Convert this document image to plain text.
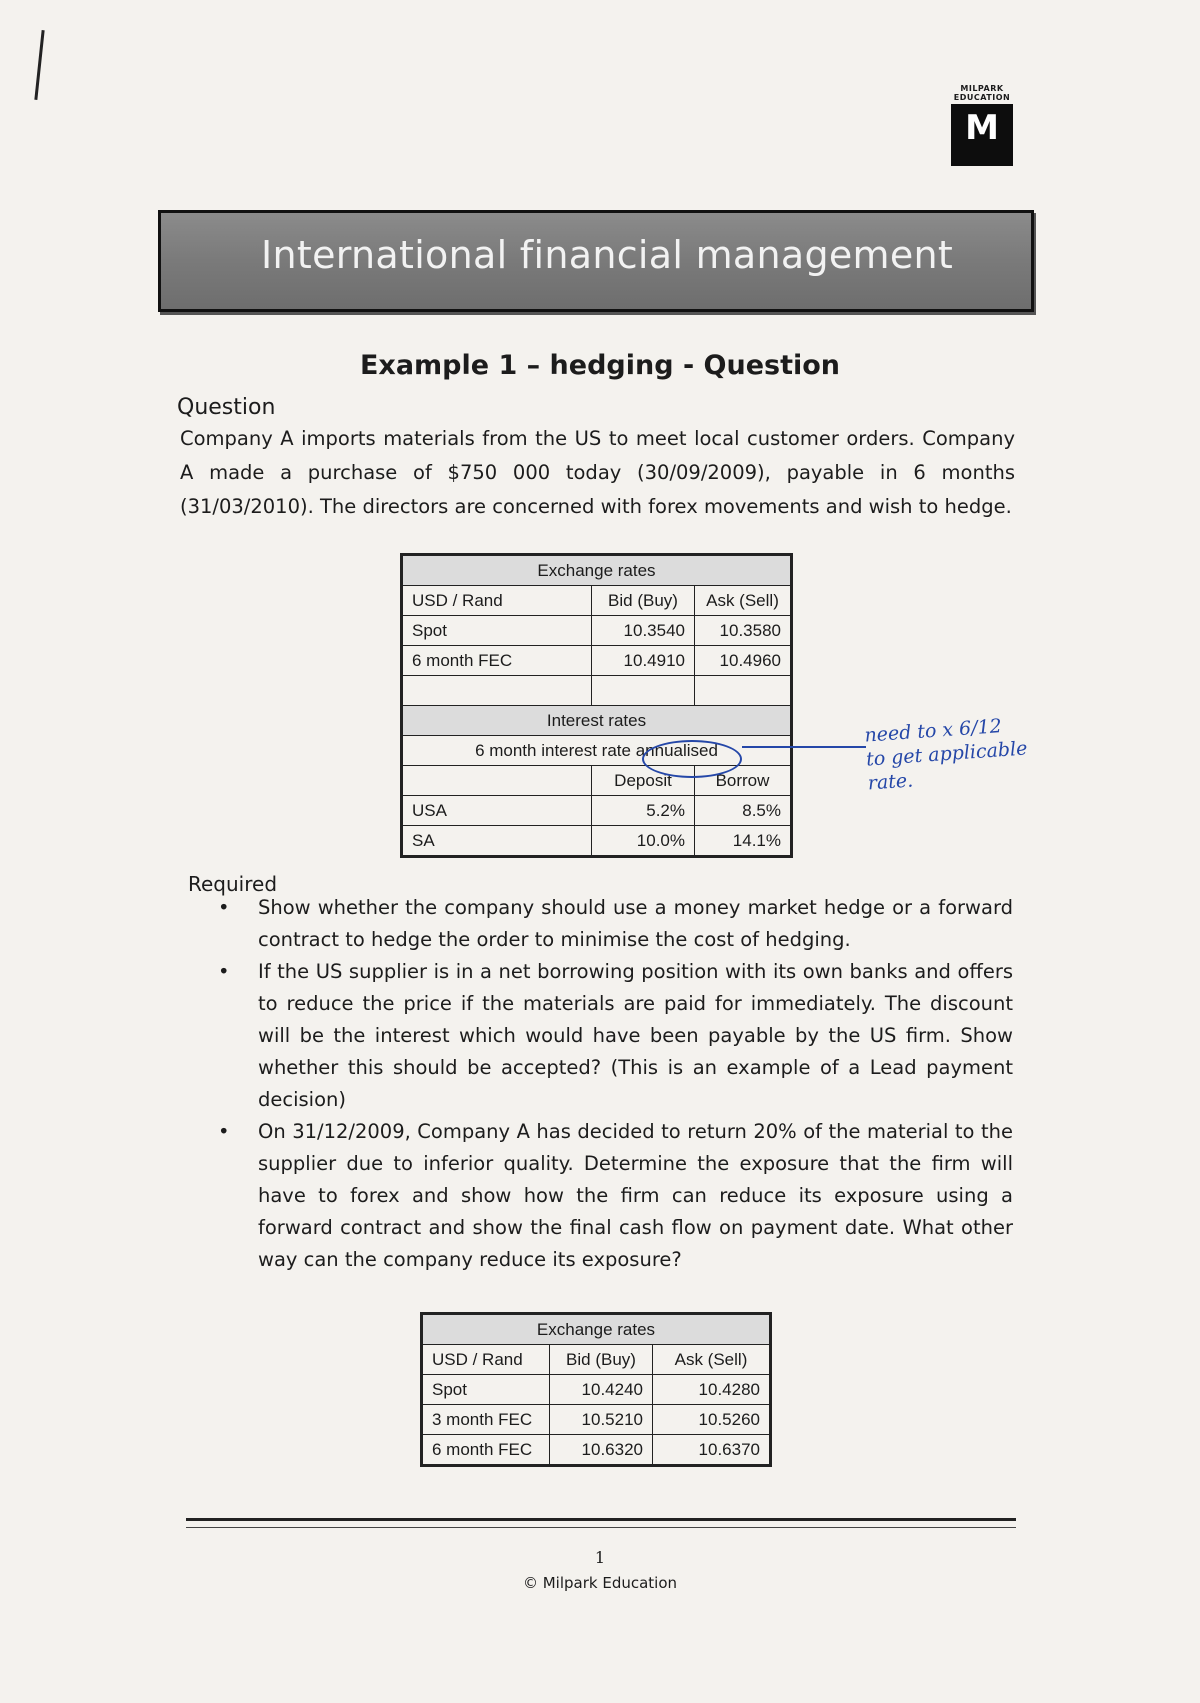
MILPARK
EDUCATION
M
International financial management
Example 1 – hedging - Question
Question
Company A imports materials from the US to meet local customer orders. Company A made a purchase of $750 000 today (30/09/2009), payable in 6 months (31/03/2010). The directors are concerned with forex movements and wish to hedge.
Exchange rates		
USD / Rand	Bid (Buy)	Ask (Sell)
Spot	10.3540	10.3580
6 month FEC	10.4910	10.4960

Interest rates		
6 month interest rate annualised		
	Deposit	Borrow
USA	5.2%	8.5%
SA	10.0%	14.1%
need to x 6/12
to get applicable
rate.
Required
• Show whether the company should use a money market hedge or a forward contract to hedge the order to minimise the cost of hedging.
• If the US supplier is in a net borrowing position with its own banks and offers to reduce the price if the materials are paid for immediately. The discount will be the interest which would have been payable by the US firm. Show whether this should be accepted? (This is an example of a Lead payment decision)
• On 31/12/2009, Company A has decided to return 20% of the material to the supplier due to inferior quality. Determine the exposure that the firm will have to forex and show how the firm can reduce its exposure using a forward contract and show the final cash flow on payment date. What other way can the company reduce its exposure?
Exchange rates		
USD / Rand	Bid (Buy)	Ask (Sell)
Spot	10.4240	10.4280
3 month FEC	10.5210	10.5260
6 month FEC	10.6320	10.6370
1
© Milpark Education
